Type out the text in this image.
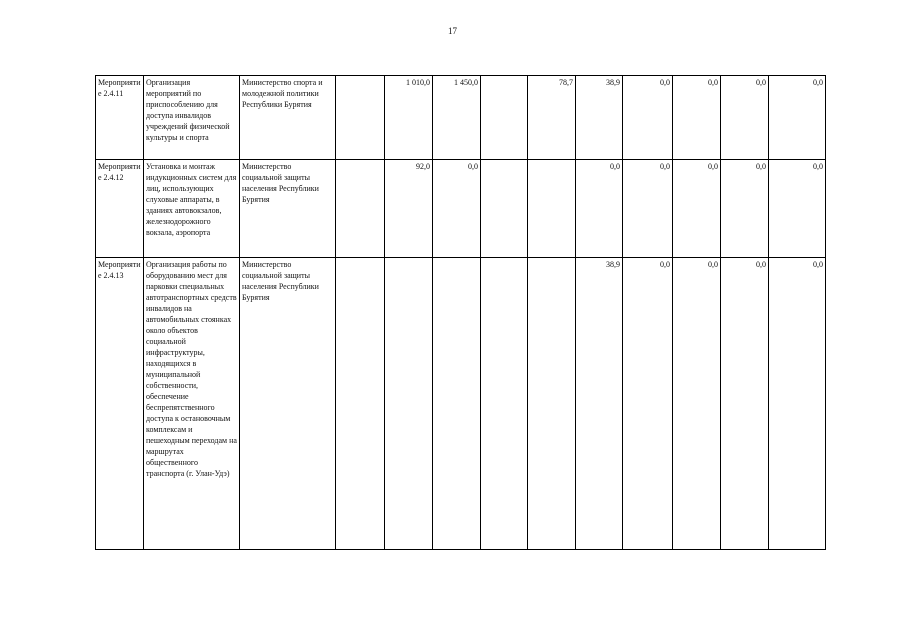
17
Мероприятие 2.4.11	Организация мероприятий по приспособлению для доступа инвалидов учреждений физической культуры и спорта	Министерство спорта и молодежной политики Республики Бурятия		1 010,0	1 450,0		78,7	38,9	0,0	0,0	0,0	0,0
Мероприятие 2.4.12	Установка и монтаж индукционных систем для лиц, использующих слуховые аппараты, в зданиях автовокзалов, железнодорожного вокзала, аэропорта	Министерство социальной защиты населения Республики Бурятия		92,0	0,0			0,0	0,0	0,0	0,0	0,0
Мероприятие 2.4.13	Организация работы по оборудованию мест для парковки специальных автотранспортных средств инвалидов на автомобильных стоянках около объектов социальной инфраструктуры, находящихся в муниципальной собственности, обеспечение беспрепятственного доступа к остановочным комплексам и пешеходным переходам на маршрутах общественного транспорта (г. Улан-Удэ)	Министерство социальной защиты населения Республики Бурятия						38,9	0,0	0,0	0,0	0,0
